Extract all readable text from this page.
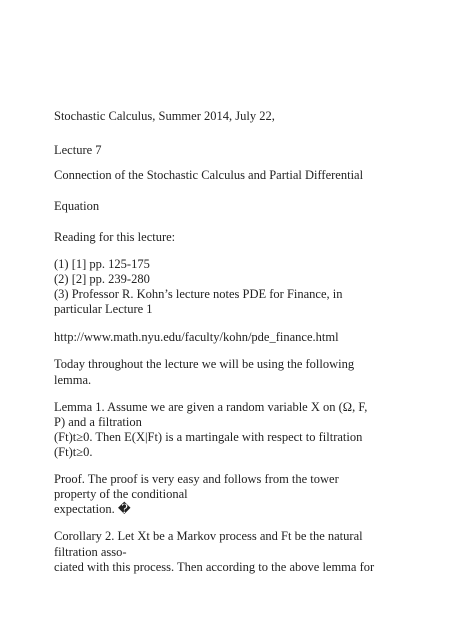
Stochastic Calculus, Summer 2014, July 22,
Lecture 7
Connection of the Stochastic Calculus and Partial Differential
Equation
Reading for this lecture:
(1) [1] pp. 125-175
(2) [2] pp. 239-280
(3) Professor R. Kohn’s lecture notes PDE for Finance, in
particular Lecture 1
http://www.math.nyu.edu/faculty/kohn/pde_finance.html
Today throughout the lecture we will be using the following
lemma.
Lemma 1. Assume we are given a random variable X on (Ω, F,
P) and a filtration
(Ft)t≥0. Then E(X|Ft) is a martingale with respect to filtration
(Ft)t≥0.
Proof. The proof is very easy and follows from the tower
property of the conditional
expectation. �
Corollary 2. Let Xt be a Markov process and Ft be the natural
filtration asso-
ciated with this process. Then according to the above lemma for
